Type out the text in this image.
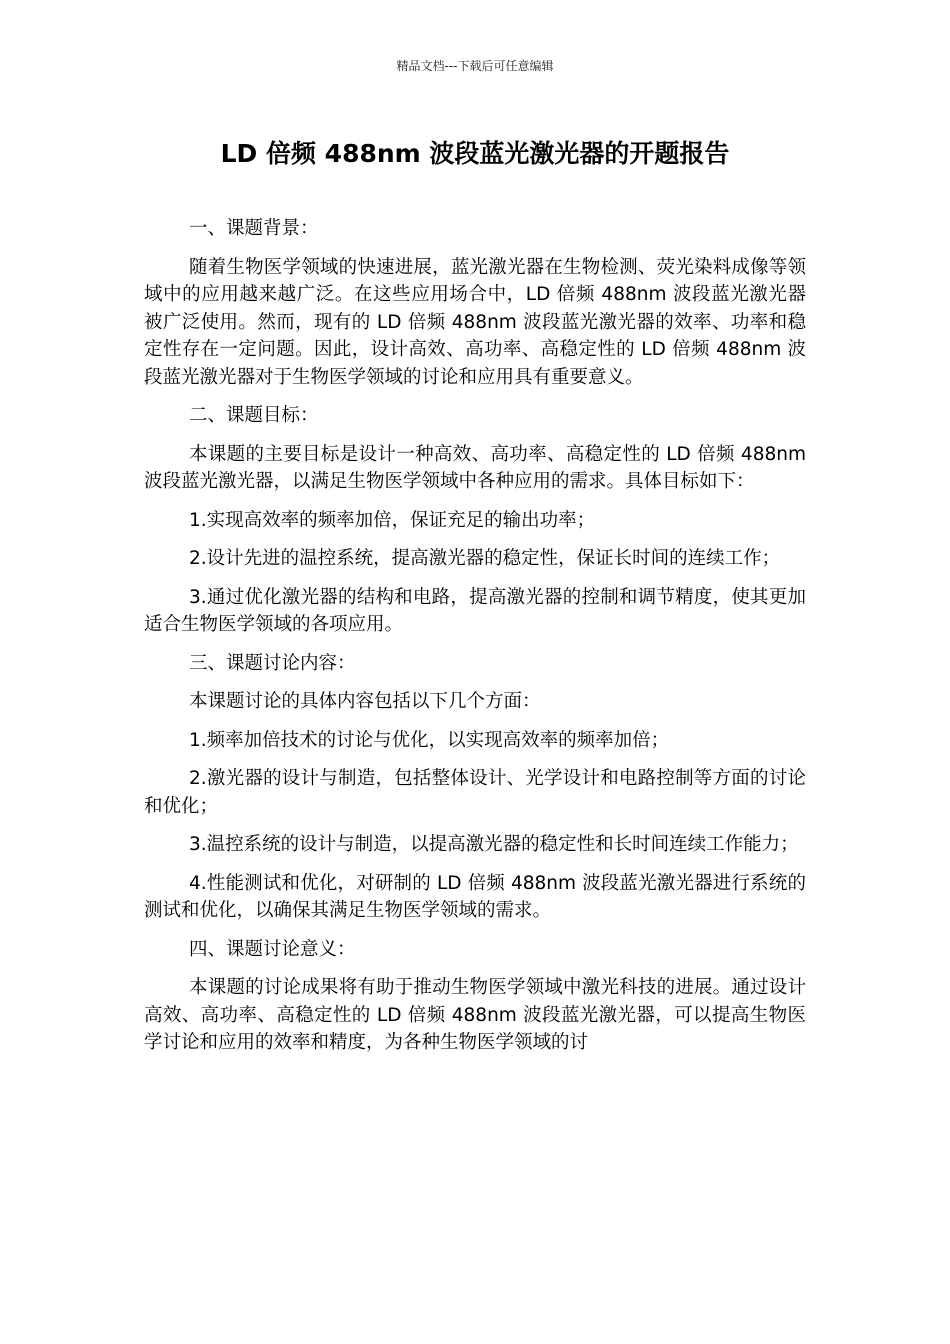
精品文档---下载后可任意编辑
LD 倍频 488nm 波段蓝光激光器的开题报告

一、课题背景：

随着生物医学领域的快速进展，蓝光激光器在生物检测、荧光染料成像等领域中的应用越来越广泛。在这些应用场合中，LD 倍频 488nm 波段蓝光激光器被广泛使用。然而，现有的 LD 倍频 488nm 波段蓝光激光器的效率、功率和稳定性存在一定问题。因此，设计高效、高功率、高稳定性的 LD 倍频 488nm 波段蓝光激光器对于生物医学领域的讨论和应用具有重要意义。

二、课题目标：

本课题的主要目标是设计一种高效、高功率、高稳定性的 LD 倍频 488nm 波段蓝光激光器，以满足生物医学领域中各种应用的需求。具体目标如下：

1.实现高效率的频率加倍，保证充足的输出功率；

2.设计先进的温控系统，提高激光器的稳定性，保证长时间的连续工作；

3.通过优化激光器的结构和电路，提高激光器的控制和调节精度，使其更加适合生物医学领域的各项应用。

三、课题讨论内容：

本课题讨论的具体内容包括以下几个方面：

1.频率加倍技术的讨论与优化，以实现高效率的频率加倍；

2.激光器的设计与制造，包括整体设计、光学设计和电路控制等方面的讨论和优化；

3.温控系统的设计与制造，以提高激光器的稳定性和长时间连续工作能力；

4.性能测试和优化，对研制的 LD 倍频 488nm 波段蓝光激光器进行系统的测试和优化，以确保其满足生物医学领域的需求。

四、课题讨论意义：

本课题的讨论成果将有助于推动生物医学领域中激光科技的进展。通过设计高效、高功率、高稳定性的 LD 倍频 488nm 波段蓝光激光器，可以提高生物医学讨论和应用的效率和精度，为各种生物医学领域的讨
